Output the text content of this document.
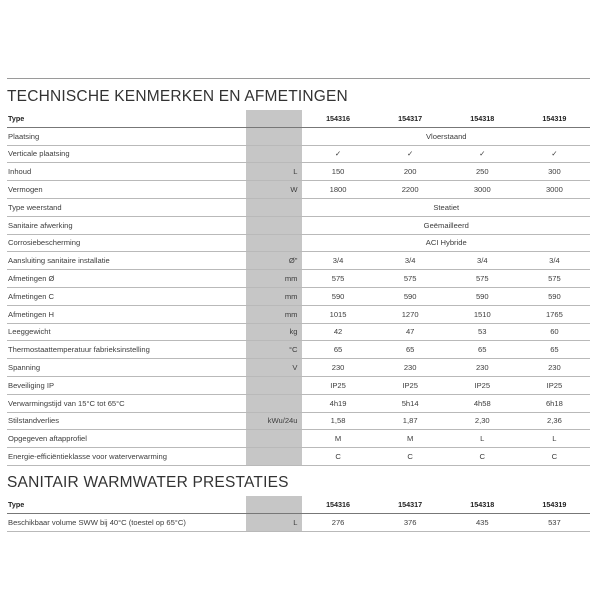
TECHNISCHE KENMERKEN EN AFMETINGEN
Type		154316	154317	154318	154319
Plaatsing		Vloerstaand			
Verticale plaatsing		✓	✓	✓	✓
Inhoud	L	150	200	250	300
Vermogen	W	1800	2200	3000	3000
Type weerstand		Steatiet			
Sanitaire afwerking		Geëmailleerd			
Corrosiebescherming		ACI Hybride			
Aansluiting sanitaire installatie	Ø"	3/4	3/4	3/4	3/4
Afmetingen Ø	mm	575	575	575	575
Afmetingen C	mm	590	590	590	590
Afmetingen H	mm	1015	1270	1510	1765
Leeggewicht	kg	42	47	53	60
Thermostaattemperatuur fabrieksinstelling	°C	65	65	65	65
Spanning	V	230	230	230	230
Beveiliging IP		IP25	IP25	IP25	IP25
Verwarmingstijd van 15°C tot 65°C		4h19	5h14	4h58	6h18
Stilstandverlies	kWu/24u	1,58	1,87	2,30	2,36
Opgegeven aftapprofiel		M	M	L	L
Energie-efficiëntieklasse voor waterverwarming		C	C	C	C
SANITAIR WARMWATER PRESTATIES
Type		154316	154317	154318	154319
Beschikbaar volume SWW bij 40°C (toestel op 65°C)	L	276	376	435	537
